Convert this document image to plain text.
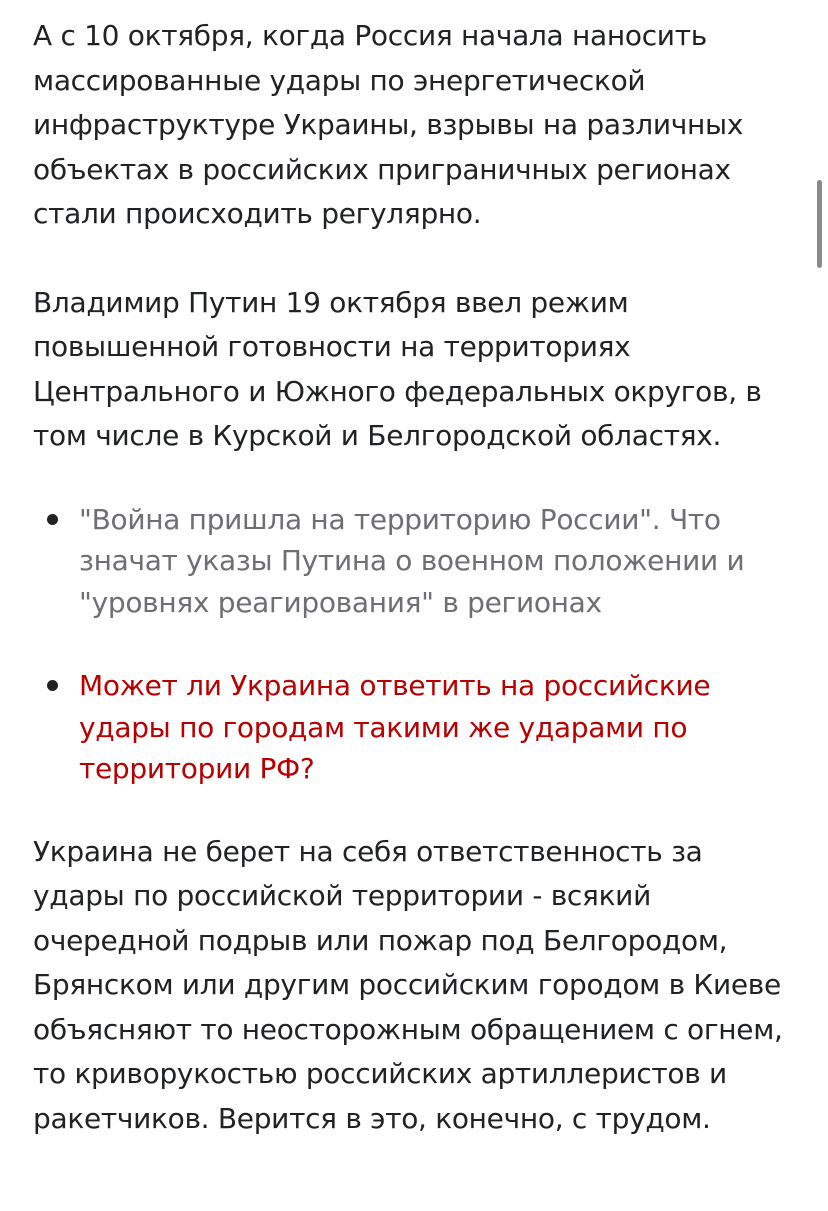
А с 10 октября, когда Россия начала наносить массированные удары по энергетической инфраструктуре Украины, взрывы на различных объектах в российских приграничных регионах стали происходить регулярно.

Владимир Путин 19 октября ввел режим повышенной готовности на территориях Центрального и Южного федеральных округов, в том числе в Курской и Белгородской областях.

"Война пришла на территорию России". Что значат указы Путина о военном положении и "уровнях реагирования" в регионах
Может ли Украина ответить на российские удары по городам такими же ударами по территории РФ?

Украина не берет на себя ответственность за удары по российской территории - всякий очередной подрыв или пожар под Белгородом, Брянском или другим российским городом в Киеве объясняют то неосторожным обращением с огнем, то криворукостью российских артиллеристов и ракетчиков. Верится в это, конечно, с трудом.
